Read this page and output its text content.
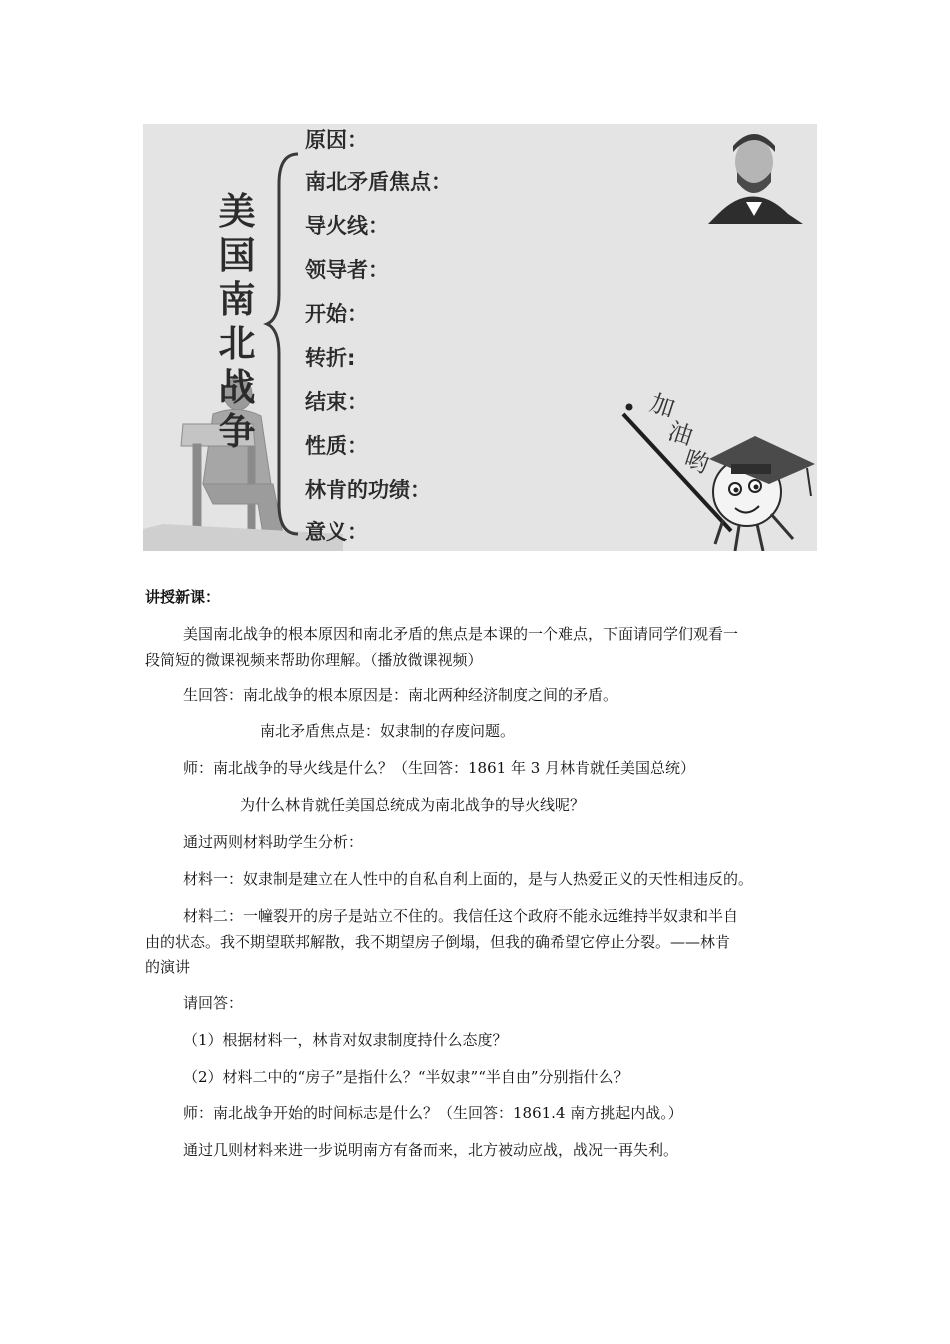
美
国
南
北
战
争
原因：
南北矛盾焦点：
导火线：
领导者：
开始：
转折:
结束：
性质：
林肯的功绩：
意义：
加
油
哟
讲授新课：
美国南北战争的根本原因和南北矛盾的焦点是本课的一个难点，下面请同学们观看一
段简短的微课视频来帮助你理解。（播放微课视频）
生回答：南北战争的根本原因是：南北两种经济制度之间的矛盾。
南北矛盾焦点是：奴隶制的存废问题。
师：南北战争的导火线是什么？（生回答：1861 年 3 月林肯就任美国总统）
为什么林肯就任美国总统成为南北战争的导火线呢？
通过两则材料助学生分析：
材料一：奴隶制是建立在人性中的自私自利上面的，是与人热爱正义的天性相违反的。
材料二：一幢裂开的房子是站立不住的。我信任这个政府不能永远维持半奴隶和半自
由的状态。我不期望联邦解散，我不期望房子倒塌，但我的确希望它停止分裂。——林肯
的演讲
请回答：
（1）根据材料一，林肯对奴隶制度持什么态度？
（2）材料二中的“房子”是指什么？“半奴隶”“半自由”分别指什么？
师：南北战争开始的时间标志是什么？（生回答：1861.4 南方挑起内战。）
通过几则材料来进一步说明南方有备而来，北方被动应战，战况一再失利。
